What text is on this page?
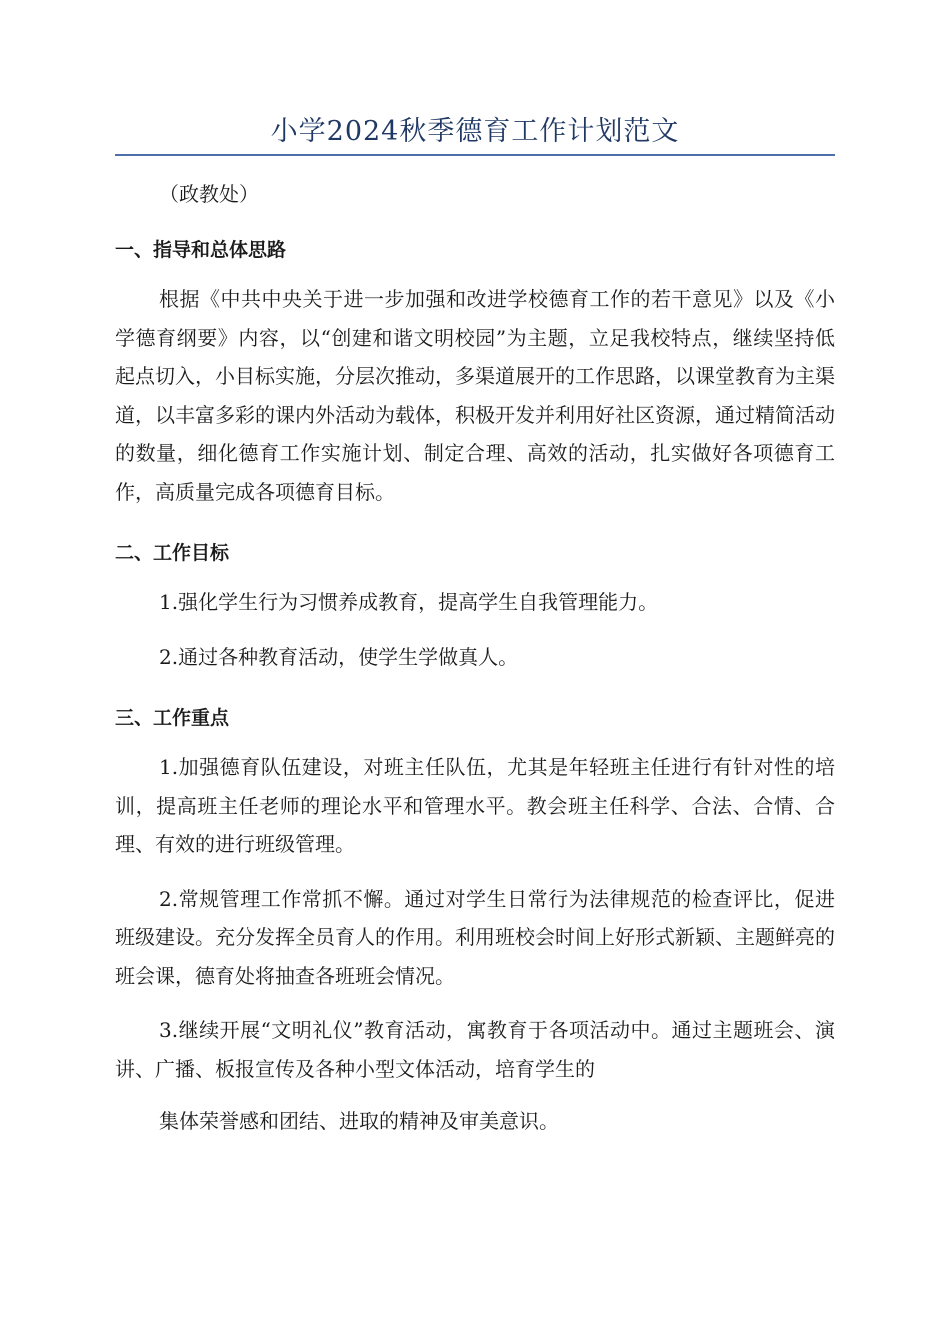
小学2024秋季德育工作计划范文
（政教处）
一、指导和总体思路
根据《中共中央关于进一步加强和改进学校德育工作的若干意见》以及《小学德育纲要》内容，以“创建和谐文明校园”为主题，立足我校特点，继续坚持低起点切入，小目标实施，分层次推动，多渠道展开的工作思路，以课堂教育为主渠道，以丰富多彩的课内外活动为载体，积极开发并利用好社区资源，通过精简活动的数量，细化德育工作实施计划、制定合理、高效的活动，扎实做好各项德育工作，高质量完成各项德育目标。
二、工作目标
1.强化学生行为习惯养成教育，提高学生自我管理能力。
2.通过各种教育活动，使学生学做真人。
三、工作重点
1.加强德育队伍建设，对班主任队伍，尤其是年轻班主任进行有针对性的培训，提高班主任老师的理论水平和管理水平。教会班主任科学、合法、合情、合理、有效的进行班级管理。
2.常规管理工作常抓不懈。通过对学生日常行为法律规范的检查评比，促进班级建设。充分发挥全员育人的作用。利用班校会时间上好形式新颖、主题鲜亮的班会课，德育处将抽查各班班会情况。
3.继续开展“文明礼仪”教育活动，寓教育于各项活动中。通过主题班会、演讲、广播、板报宣传及各种小型文体活动，培育学生的
集体荣誉感和团结、进取的精神及审美意识。
